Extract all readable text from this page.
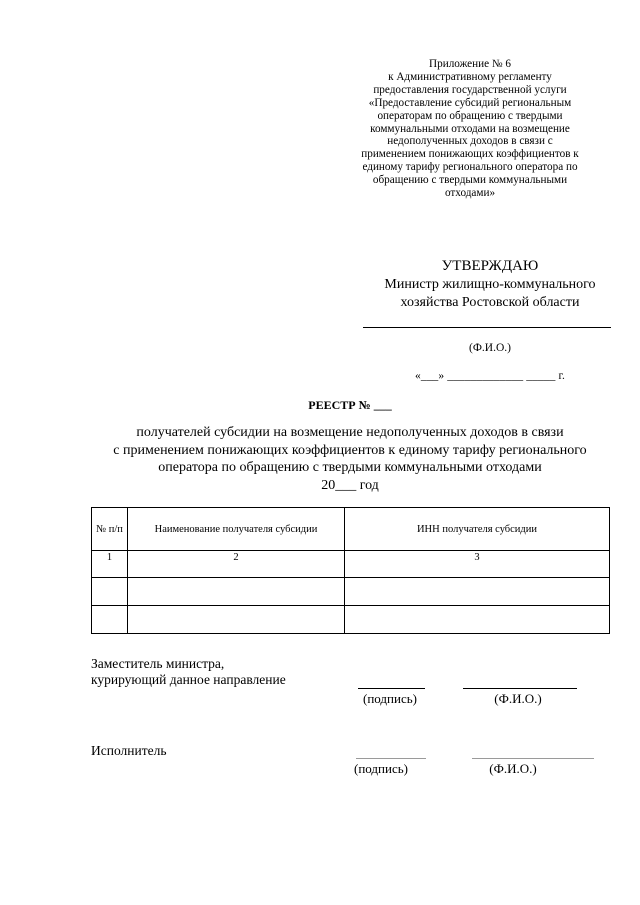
Приложение № 6
к Административному регламенту
предоставления государственной услуги
«Предоставление субсидий региональным
операторам по обращению с твердыми
коммунальными отходами на возмещение
недополученных доходов в связи с
применением понижающих коэффициентов к
единому тарифу регионального оператора по
обращению с твердыми коммунальными
отходами»
УТВЕРЖДАЮ
Министр жилищно-коммунального
хозяйства Ростовской области
(Ф.И.О.)
«___» _____________ _____ г.
РЕЕСТР № ___
получателей субсидии на возмещение недополученных доходов в связи
с применением понижающих коэффициентов к единому тарифу регионального
оператора по обращению с твердыми коммунальными отходами
20___ год
№ п/п	Наименование получателя субсидии	ИНН получателя субсидии
1	2	3

Заместитель министра,
курирующий данное направление
(подпись)	(Ф.И.О.)
Исполнитель
(подпись)	(Ф.И.О.)
